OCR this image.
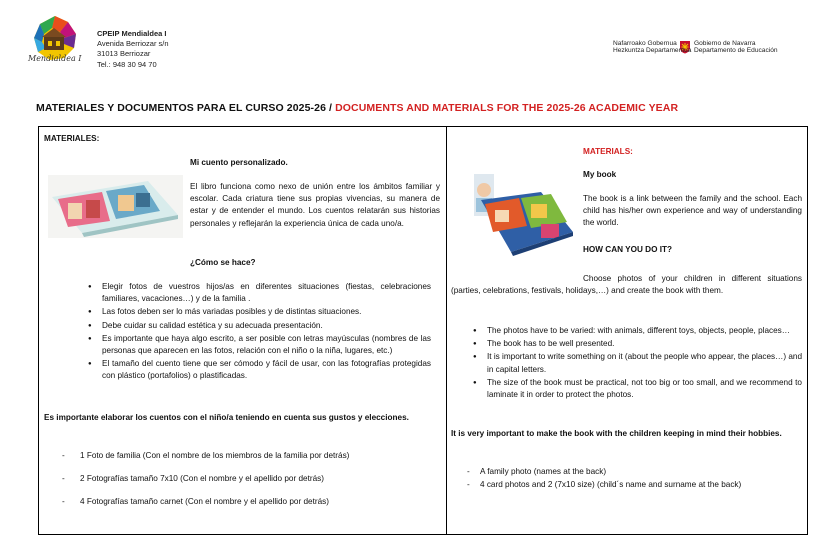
Mendialdea I
CPEIP Mendialdea I
Avenida Berriozar s/n
31013 Berriozar
Tel.: 948 30 94 70
Nafarroako Gobernua
Hezkuntza Departamentua
Gobierno de Navarra
Departamento de Educación
MATERIALES Y DOCUMENTOS PARA EL CURSO 2025-26 / DOCUMENTS AND MATERIALS FOR THE 2025-26 ACADEMIC YEAR
MATERIALES:
Mi cuento personalizado.
El libro funciona como nexo de unión entre los ámbitos familiar y escolar. Cada criatura tiene sus propias vivencias, su manera de estar y de entender el mundo. Los cuentos relatarán sus historias personales y reflejarán la experiencia única de cada uno/a.
¿Cómo se hace?
● Elegir fotos de vuestros hijos/as en diferentes situaciones (fiestas, celebraciones familiares, vacaciones…) y de la familia .
● Las fotos deben ser lo más variadas posibles y de distintas situaciones.
● Debe cuidar su calidad estética y su adecuada presentación.
● Es importante que haya algo escrito, a ser posible con letras mayúsculas (nombres de las personas que aparecen en las fotos, relación con el niño o la niña, lugares, etc.)
● El tamaño del cuento tiene que ser cómodo y fácil de usar, con las fotografías protegidas con plástico (portafolios) o plastificadas.
Es importante elaborar los cuentos con el niño/a teniendo en cuenta sus gustos y elecciones.
- 1 Foto de familia (Con el nombre de los miembros de la familia por detrás)
- 2 Fotografías tamaño 7x10 (Con el nombre y el apellido por detrás)
- 4 Fotografías tamaño carnet (Con el nombre y el apellido por detrás)
MATERIALS:
My book
The book is a link between the family and the school. Each child has his/her own experience and way of understanding the world.
HOW CAN YOU DO IT?
Choose photos of your children in different situations (parties, celebrations, festivals, holidays,…) and create the book with them.
● The photos have to be varied: with animals, different toys, objects, people, places…
● The book has to be well presented.
● It is important to write something on it (about the people who appear, the places…) and in capital letters.
● The size of the book must be practical, not too big or too small, and we recommend to laminate it in order to protect the photos.
It is very important to make the book with the children keeping in mind their hobbies.
- A family photo (names at the back)
- 4 card photos and 2 (7x10 size) (child´s name and surname at the back)
